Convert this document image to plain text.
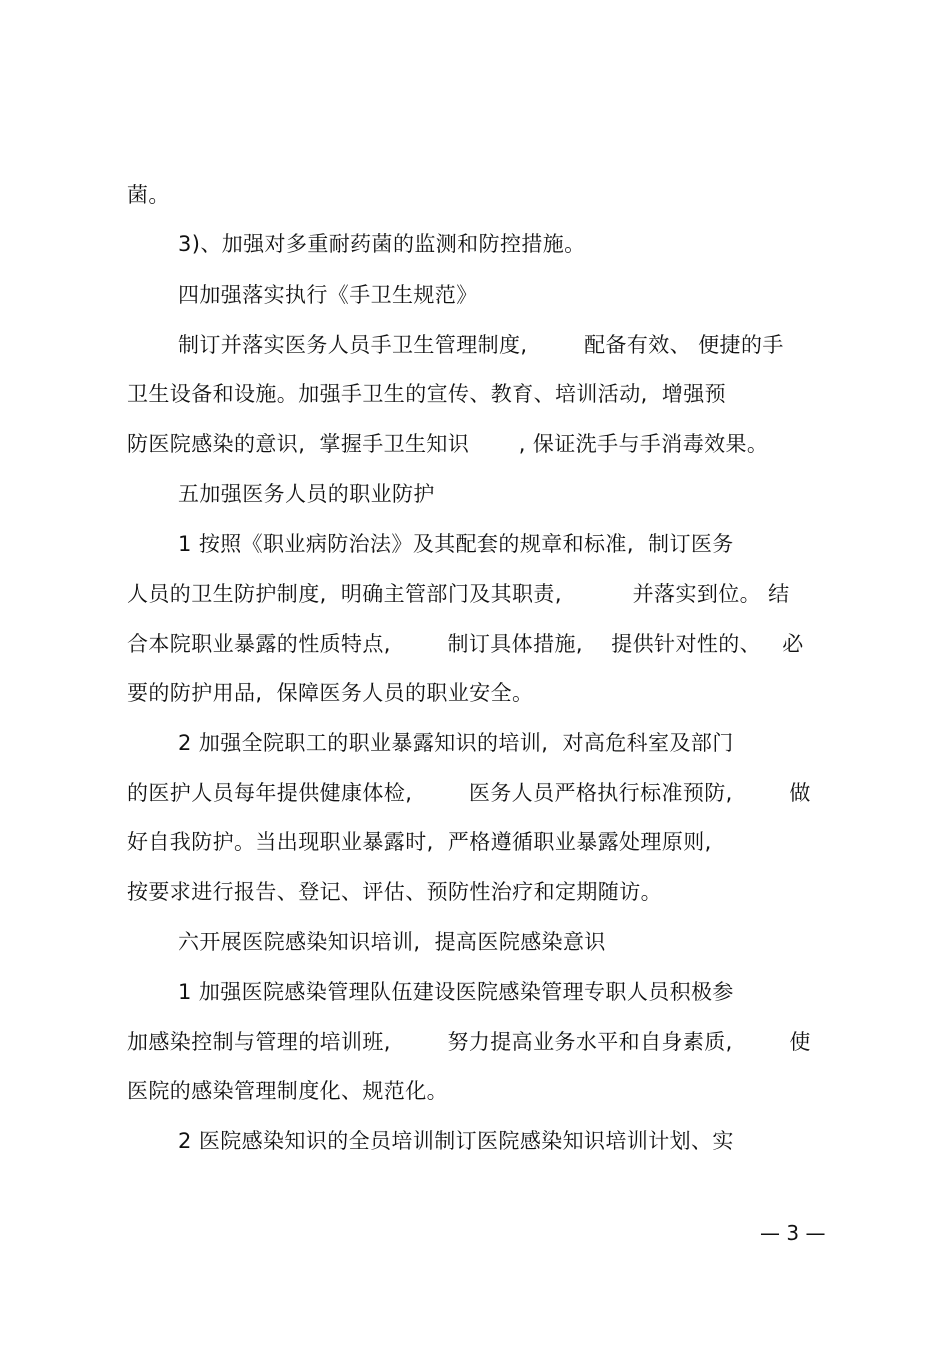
菌。
3)、加强对多重耐药菌的监测和防控措施。
四加强落实执行《手卫生规范》
制订并落实医务人员手卫生管理制度,        配备有效、 便捷的手
卫生设备和设施。加强手卫生的宣传、教育、培训活动,  增强预
防医院感染的意识,  掌握手卫生知识       , 保证洗手与手消毒效果。
五加强医务人员的职业防护
1 按照《职业病防治法》及其配套的规章和标准,  制订医务
人员的卫生防护制度,  明确主管部门及其职责,          并落实到位。 结
合本院职业暴露的性质特点,        制订具体措施,    提供针对性的、   必
要的防护用品,  保障医务人员的职业安全。
2 加强全院职工的职业暴露知识的培训,  对高危科室及部门
的医护人员每年提供健康体检,        医务人员严格执行标准预防,        做
好自我防护。当出现职业暴露时,  严格遵循职业暴露处理原则,
按要求进行报告、登记、评估、预防性治疗和定期随访。
六开展医院感染知识培训,  提高医院感染意识
1 加强医院感染管理队伍建设医院感染管理专职人员积极参
加感染控制与管理的培训班,        努力提高业务水平和自身素质,        使
医院的感染管理制度化、规范化。
2 医院感染知识的全员培训制订医院感染知识培训计划、实
— 3 —
